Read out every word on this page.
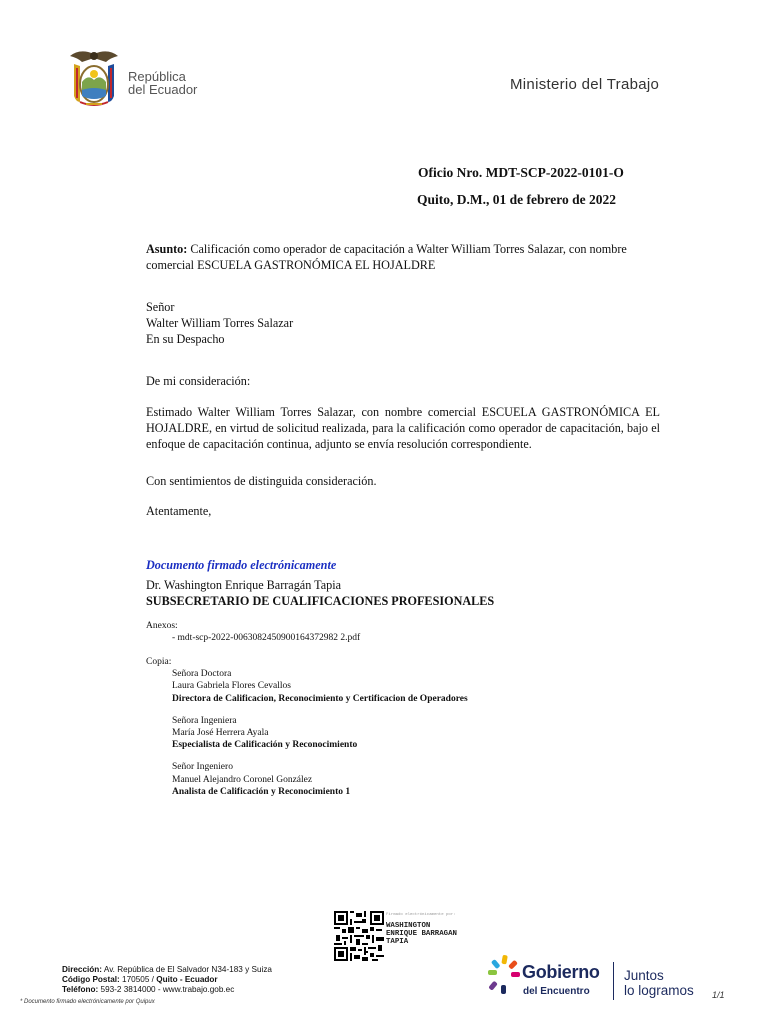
República
del Ecuador	Ministerio del Trabajo
Oficio Nro. MDT-SCP-2022-0101-O
Quito, D.M., 01 de febrero de 2022
Asunto: Calificación como operador de capacitación a Walter William Torres Salazar, con nombre comercial ESCUELA GASTRONÓMICA EL HOJALDRE
Señor
Walter William Torres Salazar
En su Despacho
De mi consideración:
Estimado Walter William Torres Salazar, con nombre comercial ESCUELA GASTRONÓMICA EL HOJALDRE, en virtud de solicitud realizada, para la calificación como operador de capacitación, bajo el enfoque de capacitación continua, adjunto se envía resolución correspondiente.
Con sentimientos de distinguida consideración.
Atentamente,
Documento firmado electrónicamente
Dr. Washington Enrique Barragán Tapia
SUBSECRETARIO DE CUALIFICACIONES PROFESIONALES
Anexos:
- mdt-scp-2022-0063082450900164372982 2.pdf
Copia:
Señora Doctora
Laura Gabriela Flores Cevallos
Directora de Calificacion, Reconocimiento y Certificacion de Operadores
Señora Ingeniera
María José Herrera Ayala
Especialista de Calificación y Reconocimiento
Señor Ingeniero
Manuel Alejandro Coronel González
Analista de Calificación y Reconocimiento 1
Firmado electrónicamente por:
WASHINGTON
ENRIQUE BARRAGAN
TAPIA
Dirección: Av. República de El Salvador N34-183 y Suiza
Código Postal: 170505 / Quito - Ecuador
Teléfono: 593-2 3814000 - www.trabajo.gob.ec
* Documento firmado electrónicamente por Quipux
Gobierno
del Encuentro
Juntos
lo logramos 1/1
